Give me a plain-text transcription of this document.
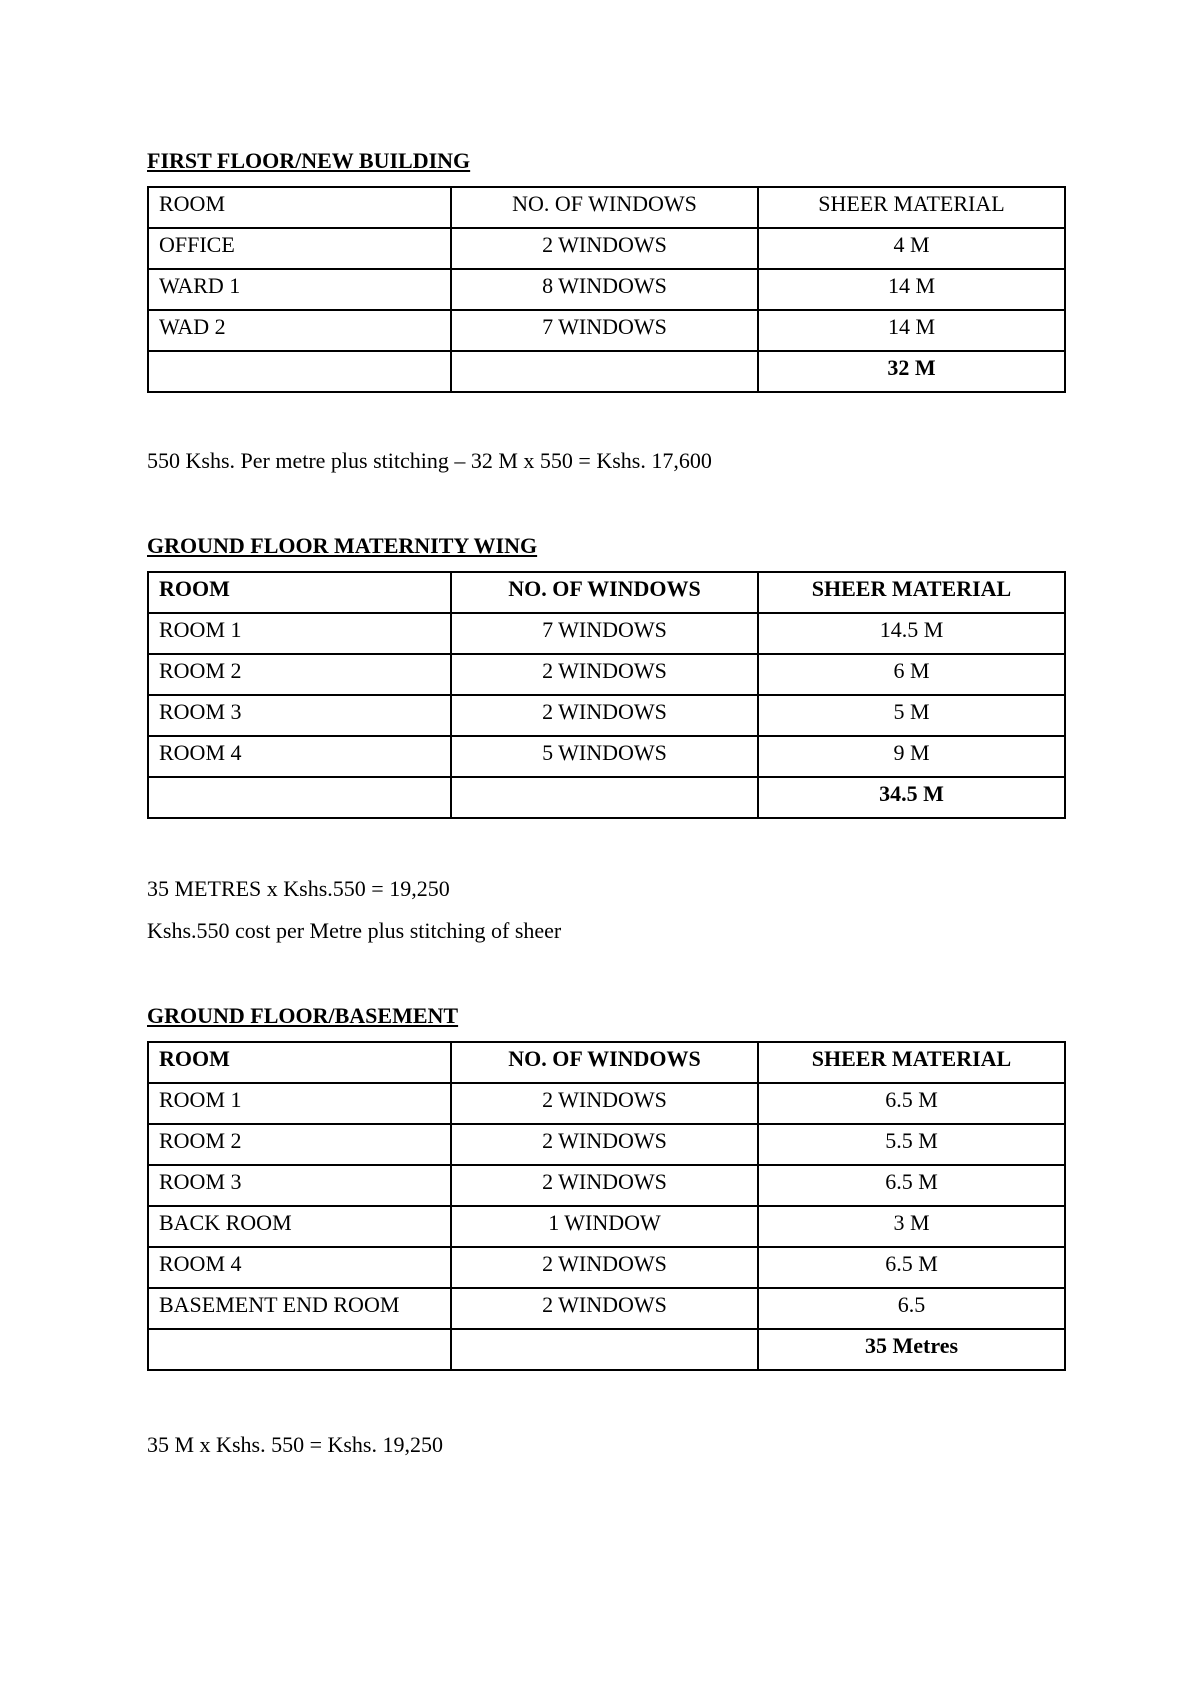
FIRST FLOOR/NEW BUILDING
ROOM	NO. OF WINDOWS	SHEER MATERIAL
OFFICE	2 WINDOWS	4 M
WARD 1	8 WINDOWS	14 M
WAD 2	7 WINDOWS	14 M
		32 M
550 Kshs. Per metre plus stitching – 32 M x 550 = Kshs. 17,600
GROUND FLOOR MATERNITY WING
ROOM	NO. OF WINDOWS	SHEER MATERIAL
ROOM 1	7 WINDOWS	14.5 M
ROOM 2	2 WINDOWS	6 M
ROOM 3	2 WINDOWS	5 M
ROOM 4	5 WINDOWS	9 M
		34.5 M
35 METRES x Kshs.550 = 19,250
Kshs.550 cost per Metre plus stitching of sheer
GROUND FLOOR/BASEMENT
ROOM	NO. OF WINDOWS	SHEER MATERIAL
ROOM 1	2 WINDOWS	6.5 M
ROOM 2	2 WINDOWS	5.5 M
ROOM 3	2 WINDOWS	6.5 M
BACK ROOM	1 WINDOW	3 M
ROOM 4	2 WINDOWS	6.5 M
BASEMENT END ROOM	2 WINDOWS	6.5
		35 Metres
35 M x Kshs. 550 = Kshs. 19,250
